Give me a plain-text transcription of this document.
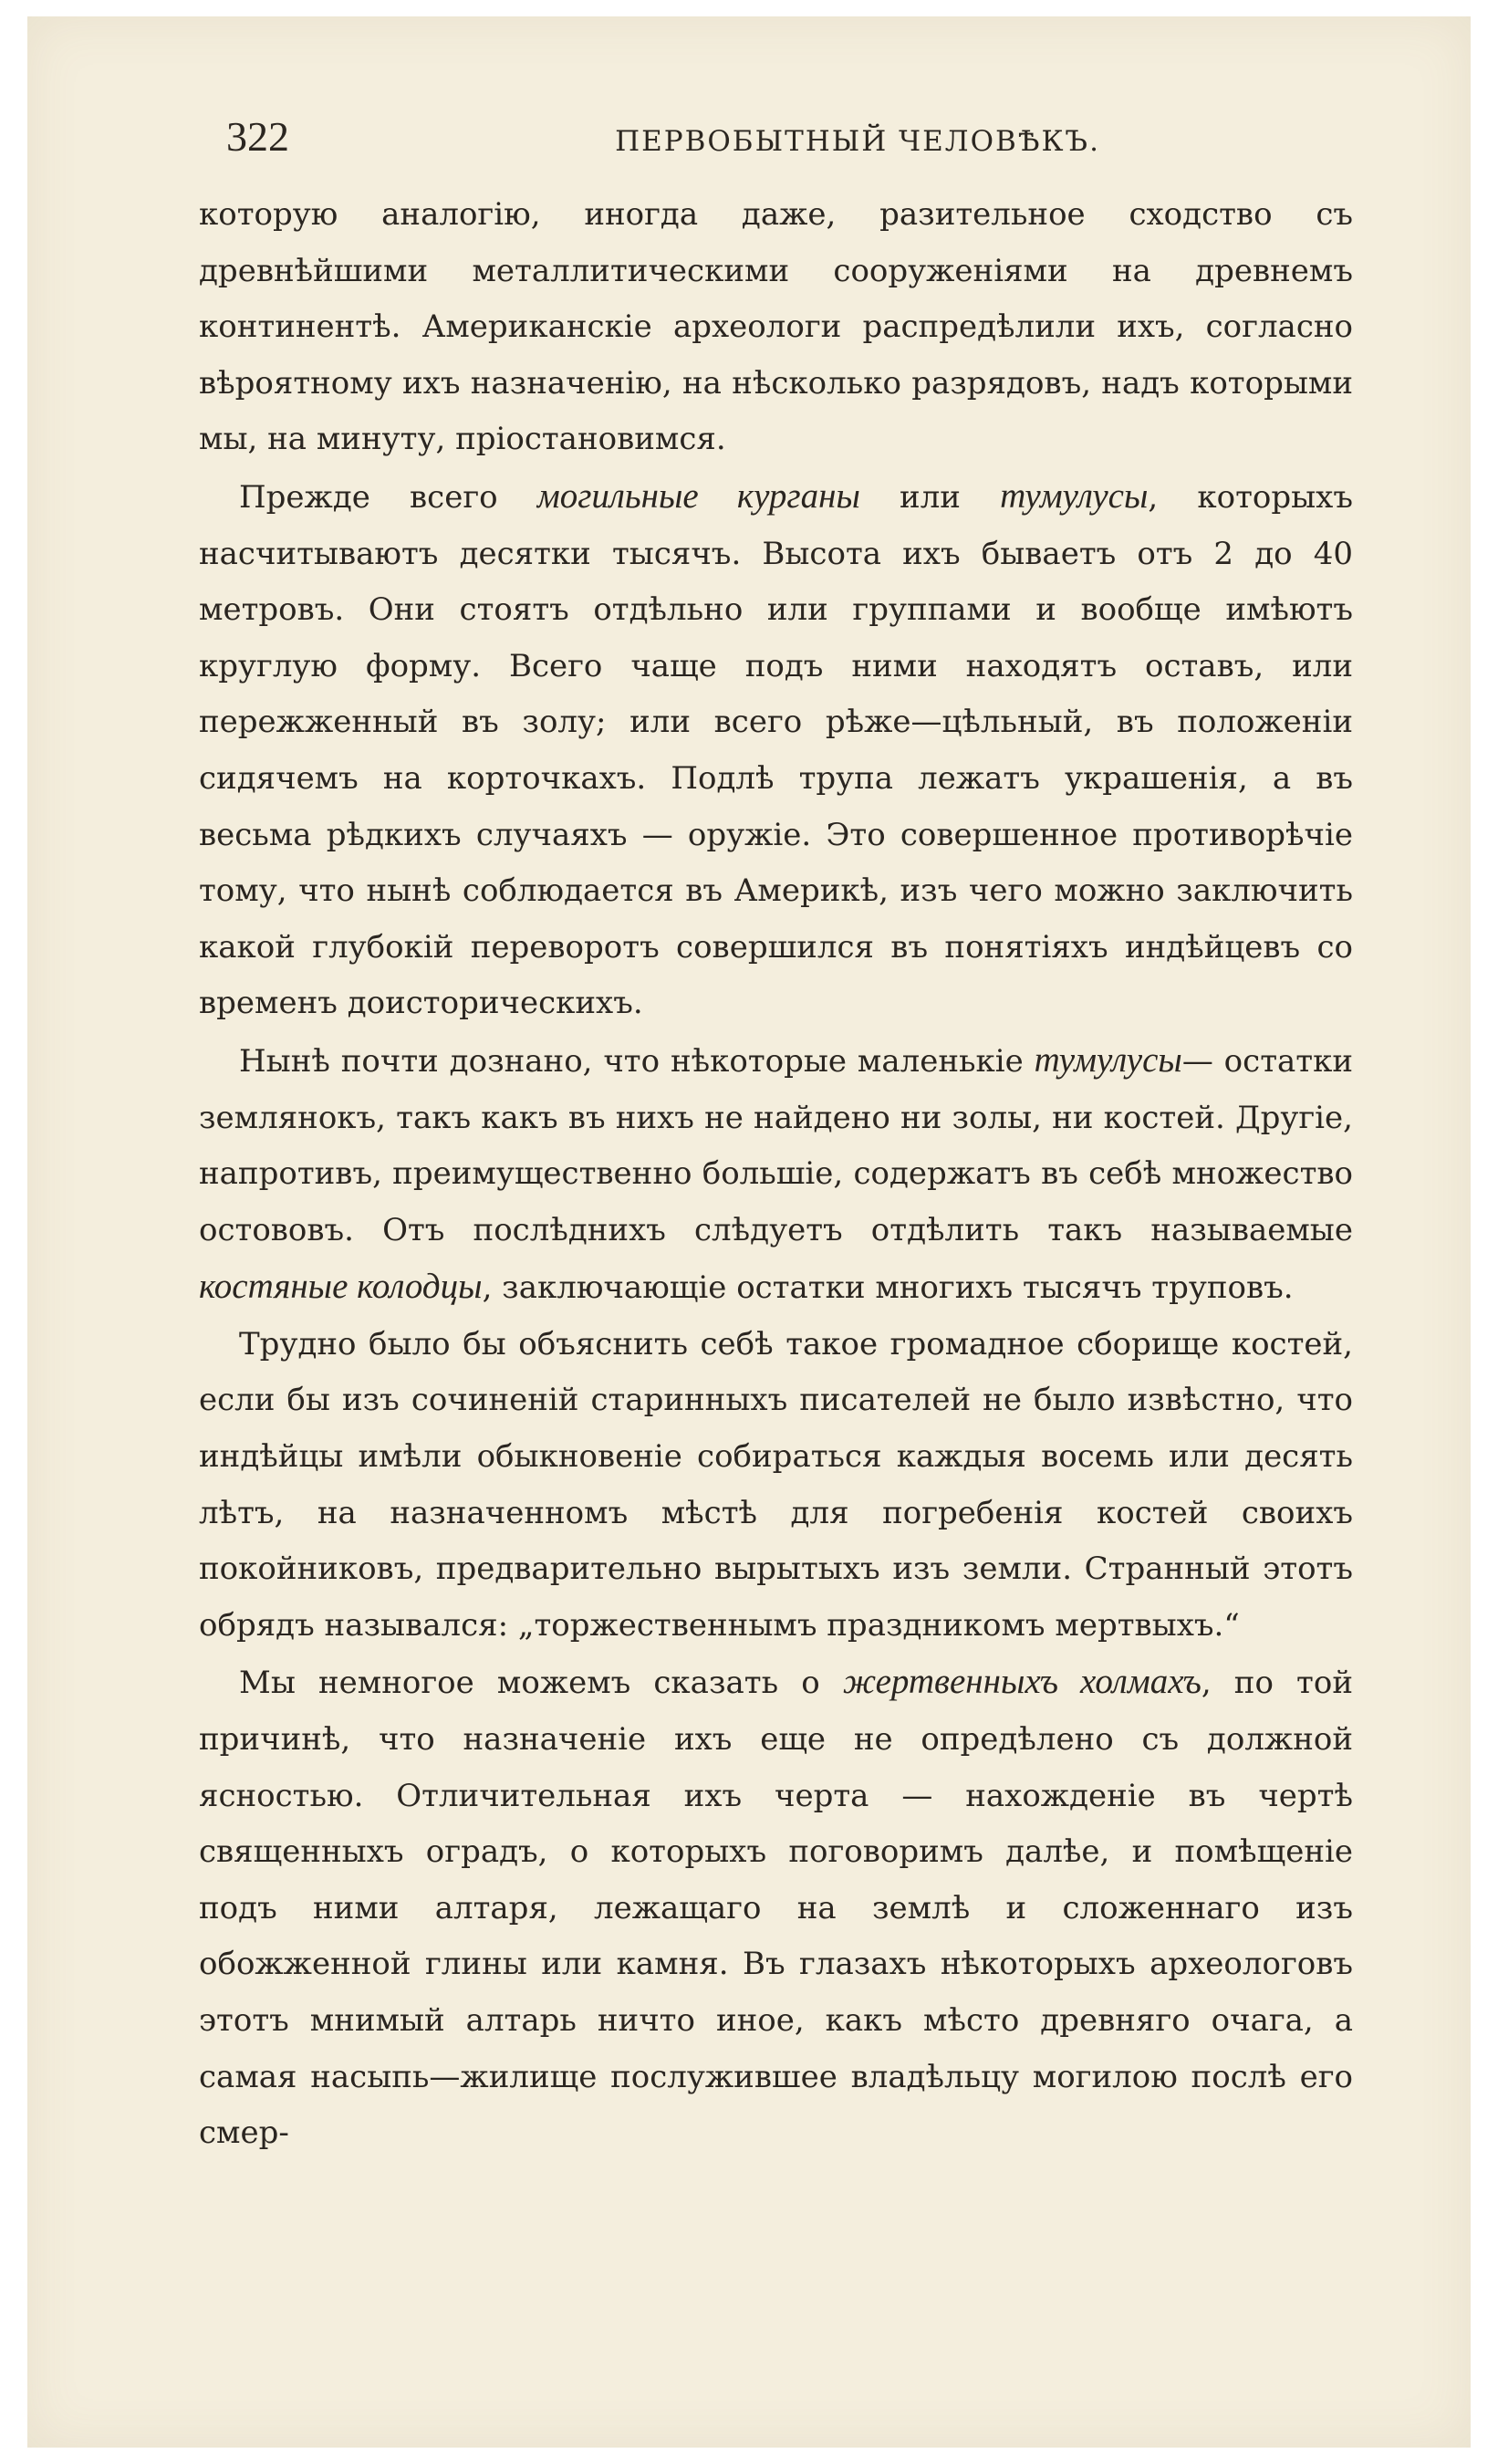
322	ПЕРВОБЫТНЫЙ ЧЕЛОВѢКЪ.

которую аналогію, иногда даже, разительное сходство съ древнѣйшими металлитическими сооруженіями на древнемъ континентѣ. Американскіе археологи распредѣлили ихъ, согласно вѣроятному ихъ назначенію, на нѣсколько разрядовъ, надъ которыми мы, на минуту, пріостановимся.

Прежде всего могильные курганы или тумулусы, которыхъ насчитываютъ десятки тысячъ. Высота ихъ бываетъ отъ 2 до 40 метровъ. Они стоятъ отдѣльно или группами и вообще имѣютъ круглую форму. Всего чаще подъ ними находятъ оставъ, или пережженный въ золу; или всего рѣже—цѣльный, въ положеніи сидячемъ на корточкахъ. Подлѣ трупа лежатъ украшенія, а въ весьма рѣдкихъ случаяхъ — оружіе. Это совершенное противорѣчіе тому, что нынѣ соблюдается въ Америкѣ, изъ чего можно заключить какой глубокій переворотъ совершился въ понятіяхъ индѣйцевъ со временъ доисторическихъ.

Нынѣ почти дознано, что нѣкоторые маленькіе тумулусы— остатки землянокъ, такъ какъ въ нихъ не найдено ни золы, ни костей. Другіе, напротивъ, преимущественно большіе, содержатъ въ себѣ множество остововъ. Отъ послѣднихъ слѣдуетъ отдѣлить такъ называемые костяные колодцы, заключающіе остатки многихъ тысячъ труповъ.

Трудно было бы объяснить себѣ такое громадное сборище костей, если бы изъ сочиненій старинныхъ писателей не было извѣстно, что индѣйцы имѣли обыкновеніе собираться каждыя восемь или десять лѣтъ, на назначенномъ мѣстѣ для погребенія костей своихъ покойниковъ, предварительно вырытыхъ изъ земли. Странный этотъ обрядъ назывался: „торжественнымъ праздникомъ мертвыхъ.“

Мы немногое можемъ сказать о жертвенныхъ холмахъ, по той причинѣ, что назначеніе ихъ еще не опредѣлено съ должной ясностью. Отличительная ихъ черта — нахожденіе въ чертѣ священныхъ оградъ, о которыхъ поговоримъ далѣе, и помѣщеніе подъ ними алтаря, лежащаго на землѣ и сложеннаго изъ обожженной глины или камня. Въ глазахъ нѣкоторыхъ археологовъ этотъ мнимый алтарь ничто иное, какъ мѣсто древняго очага, а самая насыпь—жилище послужившее владѣльцу могилою послѣ его смер-
